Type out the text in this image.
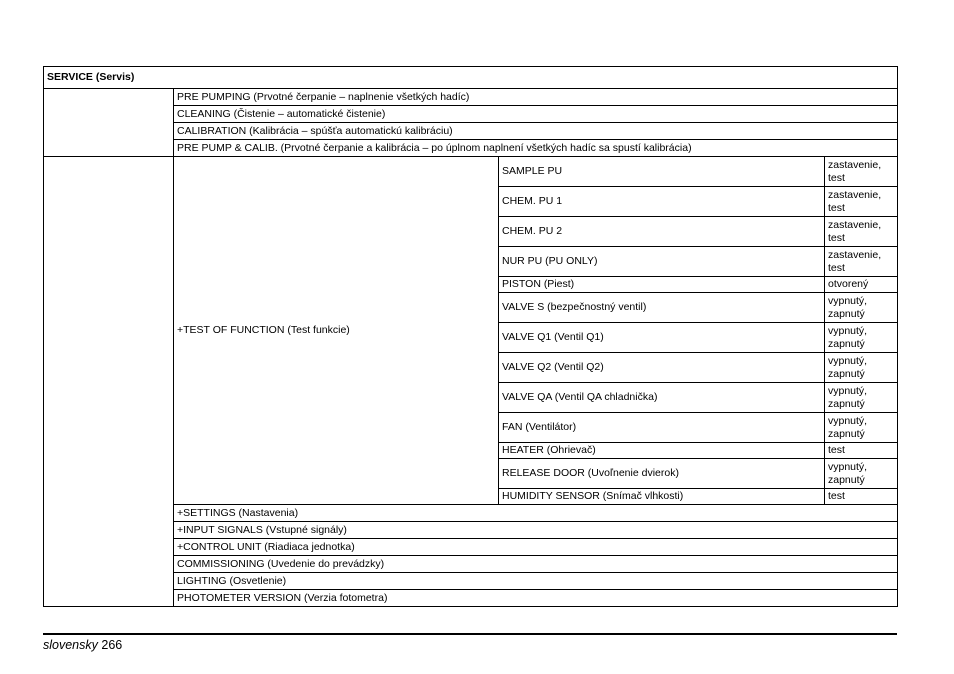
SERVICE (Servis)			
	PRE PUMPING (Prvotné čerpanie – naplnenie všetkých hadíc)		
	CLEANING (Čistenie – automatické čistenie)		
	CALIBRATION (Kalibrácia – spúšťa automatickú kalibráciu)		
	PRE PUMP & CALIB. (Prvotné čerpanie a kalibrácia – po úplnom naplnení všetkých hadíc sa spustí kalibrácia)		
	+TEST OF FUNCTION (Test funkcie)	SAMPLE PU	zastavenie, test
		CHEM. PU 1	zastavenie, test
		CHEM. PU 2	zastavenie, test
		NUR PU (PU ONLY)	zastavenie, test
		PISTON (Piest)	otvorený
		VALVE S (bezpečnostný ventil)	vypnutý, zapnutý
		VALVE Q1 (Ventil Q1)	vypnutý, zapnutý
		VALVE Q2 (Ventil Q2)	vypnutý, zapnutý
		VALVE QA (Ventil QA chladnička)	vypnutý, zapnutý
		FAN (Ventilátor)	vypnutý, zapnutý
		HEATER (Ohrievač)	test
		RELEASE DOOR (Uvoľnenie dvierok)	vypnutý, zapnutý
		HUMIDITY SENSOR (Snímač vlhkosti)	test
	+SETTINGS (Nastavenia)		
	+INPUT SIGNALS (Vstupné signály)		
	+CONTROL UNIT (Riadiaca jednotka)		
	COMMISSIONING (Uvedenie do prevádzky)		
	LIGHTING (Osvetlenie)		
	PHOTOMETER VERSION (Verzia fotometra)		
slovensky 266
